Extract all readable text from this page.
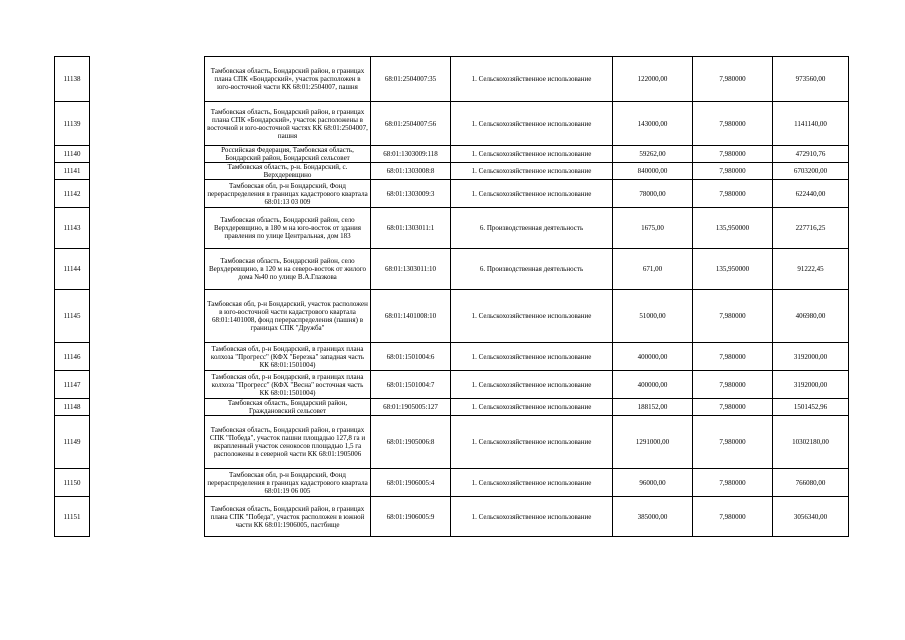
11138		Тамбовская область, Бондарский район, в границах плана СПК «Бондарский», участок расположен в юго-восточной части КК 68:01:2504007, пашня	68:01:2504007:35	1. Сельскохозяйственное использование	122000,00	7,980000	973560,00
11139		Тамбовская область, Бондарский район, в границах плана СПК «Бондарский», участок расположены в восточной и юго-восточной частях КК 68:01:2504007, пашня	68:01:2504007:56	1. Сельскохозяйственное использование	143000,00	7,980000	1141140,00
11140		Российская Федерация, Тамбовская область, Бондарский район, Бондарский сельсовет	68:01:1303009:118	1. Сельскохозяйственное использование	59262,00	7,980000	472910,76
11141		Тамбовская область, р-н. Бондарский, с. Верхдеревщино	68:01:1303008:8	1. Сельскохозяйственное использование	840000,00	7,980000	6703200,00
11142		Тамбовская обл, р-н Бондарский, Фонд перераспределения в границах кадастрового квартала 68:01:13 03 009	68:01:1303009:3	1. Сельскохозяйственное использование	78000,00	7,980000	622440,00
11143		Тамбовская область, Бондарский район, село Верхдеревщино, в 180 м на юго-восток от здания правления по улице Центральная, дом 183	68:01:1303011:1	6. Производственная деятельность	1675,00	135,950000	227716,25
11144		Тамбовская область, Бондарский район, село Верхдеревщино, в 120 м на северо-восток от жилого дома №40 по улице В.А.Глазкова	68:01:1303011:10	6. Производственная деятельность	671,00	135,950000	91222,45
11145		Тамбовская обл, р-н Бондарский, участок расположен в юго-восточной части кадастрового квартала 68:01:1401008, фонд перераспределения (пашня) в границах СПК "Дружба"	68:01:1401008:10	1. Сельскохозяйственное использование	51000,00	7,980000	406980,00
11146		Тамбовская обл, р-н Бондарский, в границах плана колхоза "Прогресс" (КФХ "Березка" западная часть КК 68:01:1501004)	68:01:1501004:6	1. Сельскохозяйственное использование	400000,00	7,980000	3192000,00
11147		Тамбовская обл, р-н Бондарский, в границах плана колхоза "Прогресс" (КФХ "Весна" восточная часть КК 68:01:1501004)	68:01:1501004:7	1. Сельскохозяйственное использование	400000,00	7,980000	3192000,00
11148		Тамбовская область, Бондарский район, Граждановский сельсовет	68:01:1905005:127	1. Сельскохозяйственное использование	188152,00	7,980000	1501452,96
11149		Тамбовская область, Бондарский район, в границах СПК "Победа", участок пашни площадью 127,8 га и вкрапленный участок сенокосов площадью 1,5 га расположены в северной части КК 68:01:1905006	68:01:1905006:8	1. Сельскохозяйственное использование	1291000,00	7,980000	10302180,00
11150		Тамбовская обл, р-н Бондарский, Фонд перераспределения в границах кадастрового квартала 68:01:19 06 005	68:01:1906005:4	1. Сельскохозяйственное использование	96000,00	7,980000	766080,00
11151		Тамбовская область, Бондарский район, в границах плана СПК "Победа", участок расположен в южной части КК 68:01:1906005, пастбище	68:01:1906005:9	1. Сельскохозяйственное использование	385000,00	7,980000	3056340,00
